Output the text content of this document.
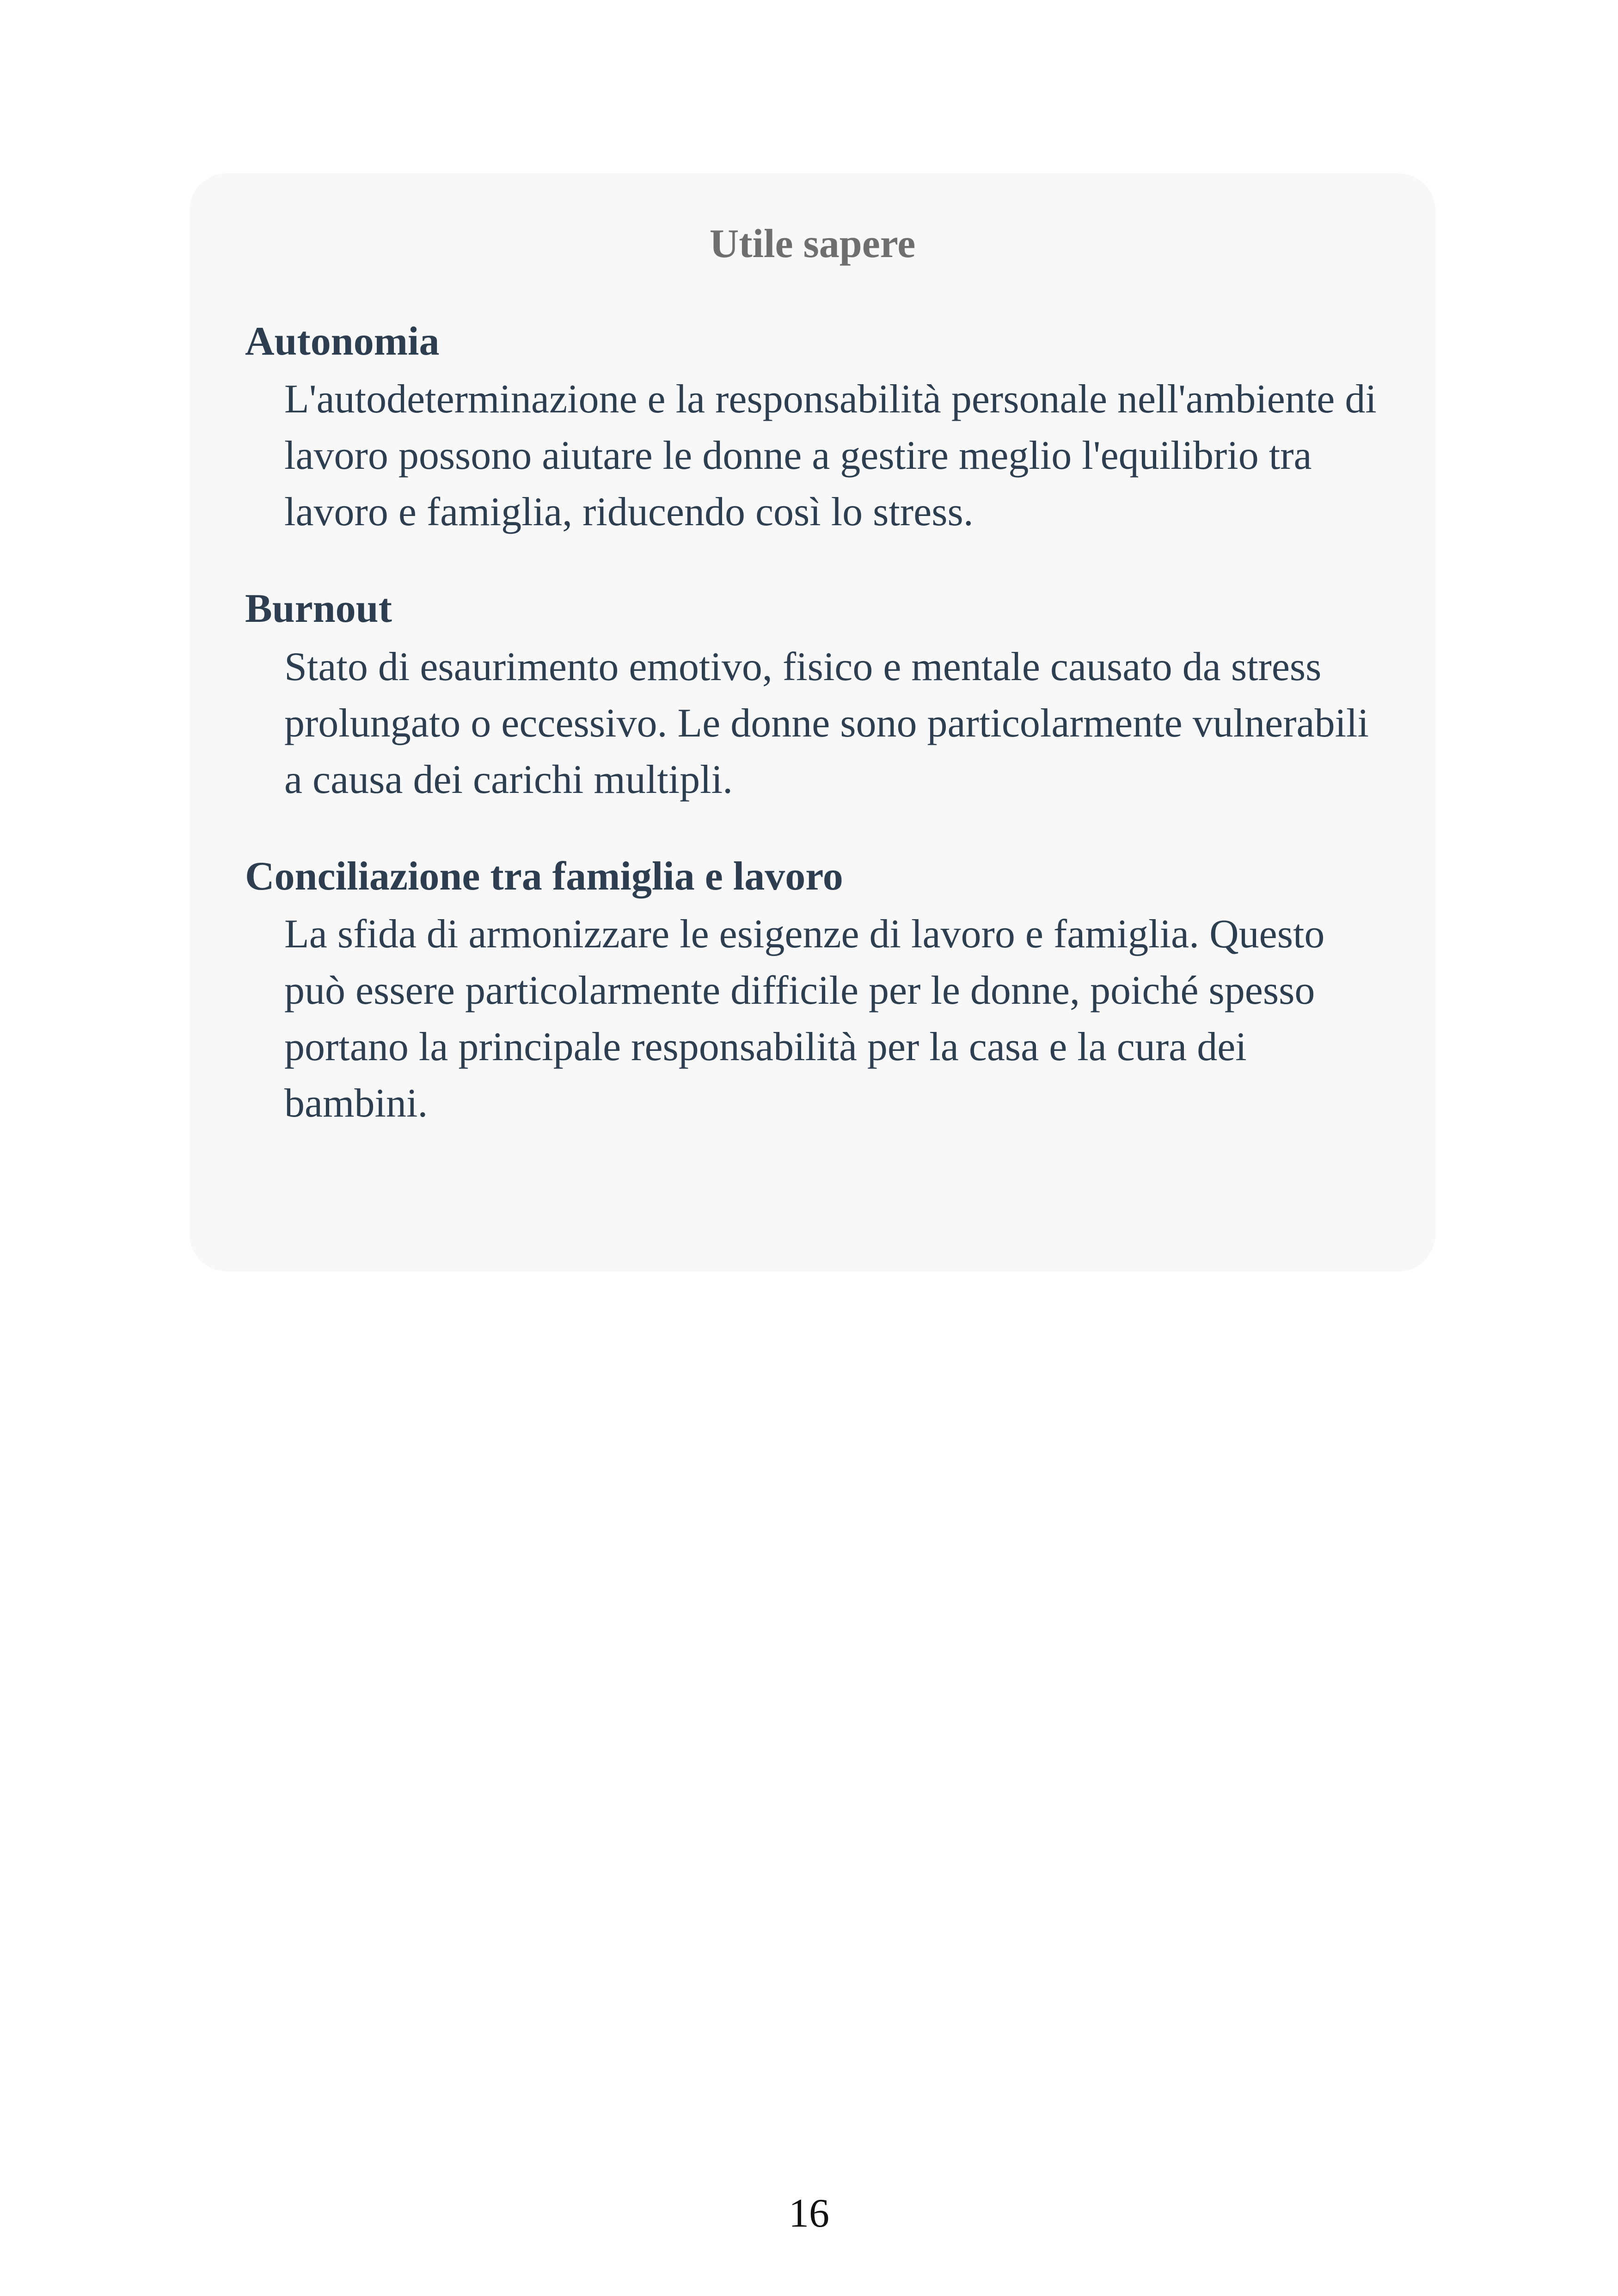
Utile sapere
Autonomia

L'autodeterminazione e la responsabilità personale nell'ambiente di lavoro possono aiutare le donne a gestire meglio l'equilibrio tra lavoro e famiglia, riducendo così lo stress.

Burnout

Stato di esaurimento emotivo, fisico e mentale causato da stress prolungato o eccessivo. Le donne sono particolarmente vulnerabili a causa dei carichi multipli.

Conciliazione tra famiglia e lavoro

La sfida di armonizzare le esigenze di lavoro e famiglia. Questo può essere particolarmente difficile per le donne, poiché spesso portano la principale responsabilità per la casa e la cura dei bambini.

16
